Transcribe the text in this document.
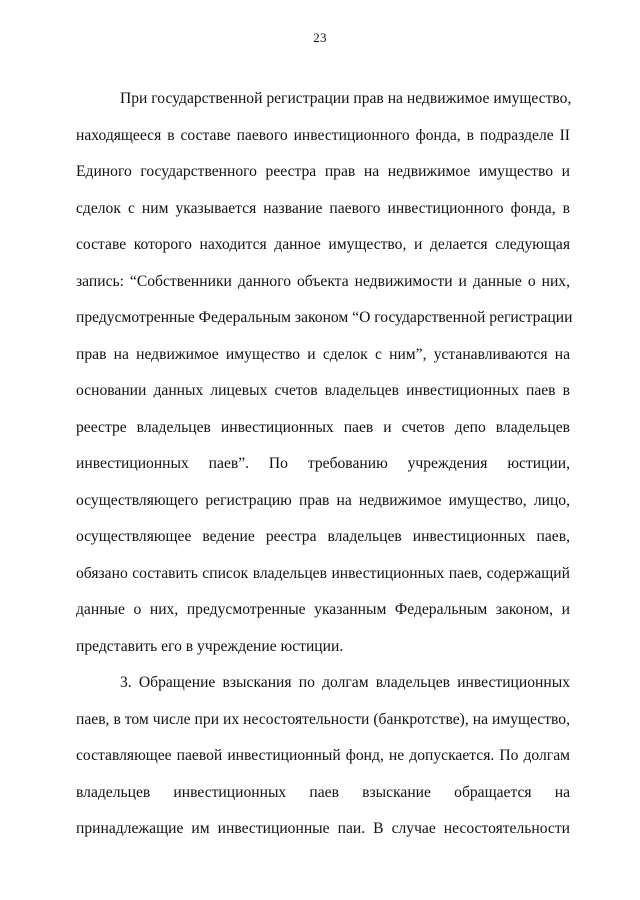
23
При государственной регистрации прав на недвижимое имущество,
находящееся в составе паевого инвестиционного фонда, в подразделе II
Единого государственного реестра прав на недвижимое имущество и
сделок с ним указывается название паевого инвестиционного фонда, в
составе которого находится данное имущество, и делается следующая
запись: “Собственники данного объекта недвижимости и данные о них,
предусмотренные Федеральным законом “О государственной регистрации
прав на недвижимое имущество и сделок с ним”, устанавливаются на
основании данных лицевых счетов владельцев инвестиционных паев в
реестре владельцев инвестиционных паев и счетов депо владельцев
инвестиционных паев”. По требованию учреждения юстиции,
осуществляющего регистрацию прав на недвижимое имущество, лицо,
осуществляющее ведение реестра владельцев инвестиционных паев,
обязано составить список владельцев инвестиционных паев, содержащий
данные о них, предусмотренные указанным Федеральным законом, и
представить его в учреждение юстиции.
3. Обращение взыскания по долгам владельцев инвестиционных
паев, в том числе при их несостоятельности (банкротстве), на имущество,
составляющее паевой инвестиционный фонд, не допускается. По долгам
владельцев инвестиционных паев взыскание обращается на
принадлежащие им инвестиционные паи. В случае несостоятельности
